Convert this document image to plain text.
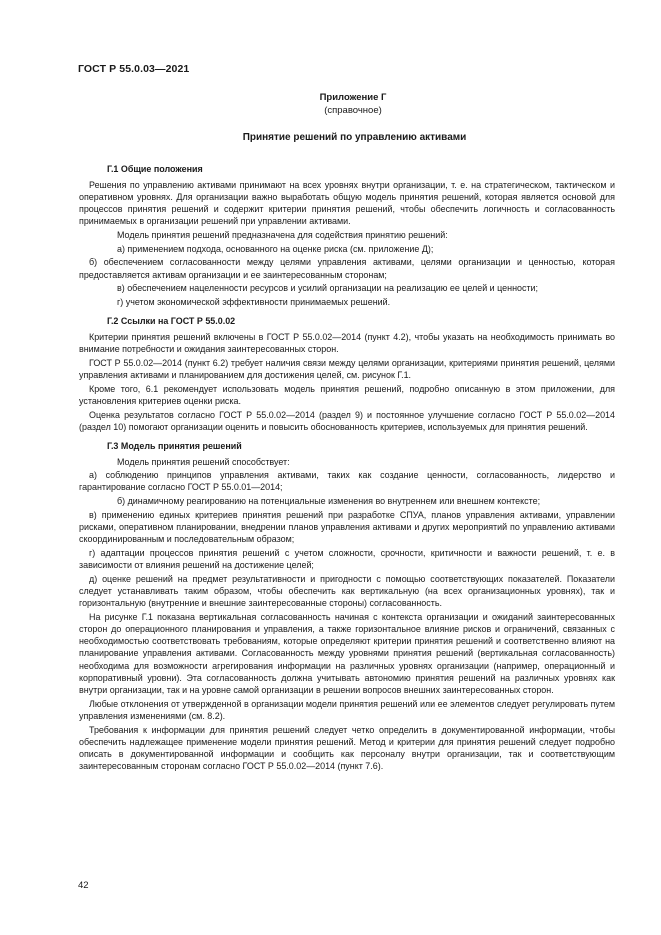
ГОСТ Р 55.0.03—2021
Приложение Г
(справочное)
Принятие решений по управлению активами
Г.1 Общие положения

Решения по управлению активами принимают на всех уровнях внутри организации, т. е. на стратегическом, тактическом и оперативном уровнях. Для организации важно выработать общую модель принятия решений, которая является основой для процессов принятия решений и содержит критерии принятия решений, чтобы обеспечить логичность и согласованность принимаемых в организации решений при управлении активами.

Модель принятия решений предназначена для содействия принятию решений:

а) применением подхода, основанного на оценке риска (см. приложение Д);

б) обеспечением согласованности между целями управления активами, целями организации и ценностью, которая предоставляется активам организации и ее заинтересованным сторонам;

в) обеспечением нацеленности ресурсов и усилий организации на реализацию ее целей и ценности;

г) учетом экономической эффективности принимаемых решений.

Г.2 Ссылки на ГОСТ Р 55.0.02

Критерии принятия решений включены в ГОСТ Р 55.0.02—2014 (пункт 4.2), чтобы указать на необходимость принимать во внимание потребности и ожидания заинтересованных сторон.

ГОСТ Р 55.0.02—2014 (пункт 6.2) требует наличия связи между целями организации, критериями принятия решений, целями управления активами и планированием для достижения целей, см. рисунок Г.1.

Кроме того, 6.1 рекомендует использовать модель принятия решений, подробно описанную в этом приложении, для установления критериев оценки риска.

Оценка результатов согласно ГОСТ Р 55.0.02—2014 (раздел 9) и постоянное улучшение согласно ГОСТ Р 55.0.02—2014 (раздел 10) помогают организации оценить и повысить обоснованность критериев, используемых для принятия решений.

Г.3 Модель принятия решений

Модель принятия решений способствует:

а) соблюдению принципов управления активами, таких как создание ценности, согласованность, лидерство и гарантирование согласно ГОСТ Р 55.0.01—2014;

б) динамичному реагированию на потенциальные изменения во внутреннем или внешнем контексте;

в) применению единых критериев принятия решений при разработке СПУА, планов управления активами, управлении рисками, оперативном планировании, внедрении планов управления активами и других мероприятий по управлению активами скоординированным и последовательным образом;

г) адаптации процессов принятия решений с учетом сложности, срочности, критичности и важности решений, т. е. в зависимости от влияния решений на достижение целей;

д) оценке решений на предмет результативности и пригодности с помощью соответствующих показателей. Показатели следует устанавливать таким образом, чтобы обеспечить как вертикальную (на всех организационных уровнях), так и горизонтальную (внутренние и внешние заинтересованные стороны) согласованность.

На рисунке Г.1 показана вертикальная согласованность начиная с контекста организации и ожиданий заинтересованных сторон до операционного планирования и управления, а также горизонтальное влияние рисков и ограничений, связанных с необходимостью соответствовать требованиям, которые определяют критерии принятия решений и соответственно влияют на планирование управления активами. Согласованность между уровнями принятия решений (вертикальная согласованность) необходима для возможности агрегирования информации на различных уровнях организации (например, операционный и корпоративный уровни). Эта согласованность должна учитывать автономию принятия решений на различных уровнях как внутри организации, так и на уровне самой организации в решении вопросов внешних заинтересованных сторон.

Любые отклонения от утвержденной в организации модели принятия решений или ее элементов следует регулировать путем управления изменениями (см. 8.2).

Требования к информации для принятия решений следует четко определить в документированной информации, чтобы обеспечить надлежащее применение модели принятия решений. Метод и критерии для принятия решений следует подробно описать в документированной информации и сообщить как персоналу внутри организации, так и соответствующим заинтересованным сторонам согласно ГОСТ Р 55.0.02—2014 (пункт 7.6).

42
